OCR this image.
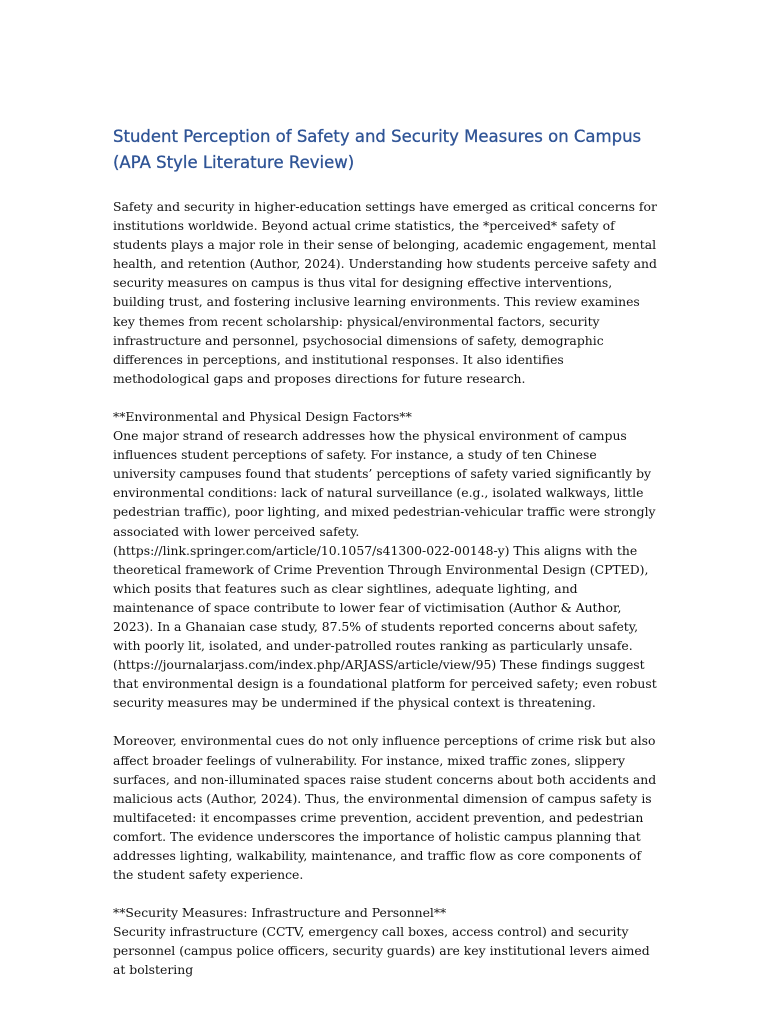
Student Perception of Safety and Security Measures on Campus (APA Style Literature Review)

Safety and security in higher-education settings have emerged as critical concerns for institutions worldwide. Beyond actual crime statistics, the *perceived* safety of students plays a major role in their sense of belonging, academic engagement, mental health, and retention (Author, 2024). Understanding how students perceive safety and security measures on campus is thus vital for designing effective interventions, building trust, and fostering inclusive learning environments. This review examines key themes from recent scholarship: physical/environmental factors, security infrastructure and personnel, psychosocial dimensions of safety, demographic differences in perceptions, and institutional responses. It also identifies methodological gaps and proposes directions for future research.

**Environmental and Physical Design Factors**

One major strand of research addresses how the physical environment of campus influences student perceptions of safety. For instance, a study of ten Chinese university campuses found that students’ perceptions of safety varied significantly by environmental conditions: lack of natural surveillance (e.g., isolated walkways, little pedestrian traffic), poor lighting, and mixed pedestrian-vehicular traffic were strongly associated with lower perceived safety. (https://link.springer.com/article/10.1057/s41300-022-00148-y) This aligns with the theoretical framework of Crime Prevention Through Environmental Design (CPTED), which posits that features such as clear sightlines, adequate lighting, and maintenance of space contribute to lower fear of victimisation (Author & Author, 2023). In a Ghanaian case study, 87.5% of students reported concerns about safety, with poorly lit, isolated, and under-patrolled routes ranking as particularly unsafe. (https://journalarjass.com/index.php/ARJASS/article/view/95) These findings suggest that environmental design is a foundational platform for perceived safety; even robust security measures may be undermined if the physical context is threatening.

Moreover, environmental cues do not only influence perceptions of crime risk but also affect broader feelings of vulnerability. For instance, mixed traffic zones, slippery surfaces, and non-illuminated spaces raise student concerns about both accidents and malicious acts (Author, 2024). Thus, the environmental dimension of campus safety is multifaceted: it encompasses crime prevention, accident prevention, and pedestrian comfort. The evidence underscores the importance of holistic campus planning that addresses lighting, walkability, maintenance, and traffic flow as core components of the student safety experience.

**Security Measures: Infrastructure and Personnel**

Security infrastructure (CCTV, emergency call boxes, access control) and security personnel (campus police officers, security guards) are key institutional levers aimed at bolstering
